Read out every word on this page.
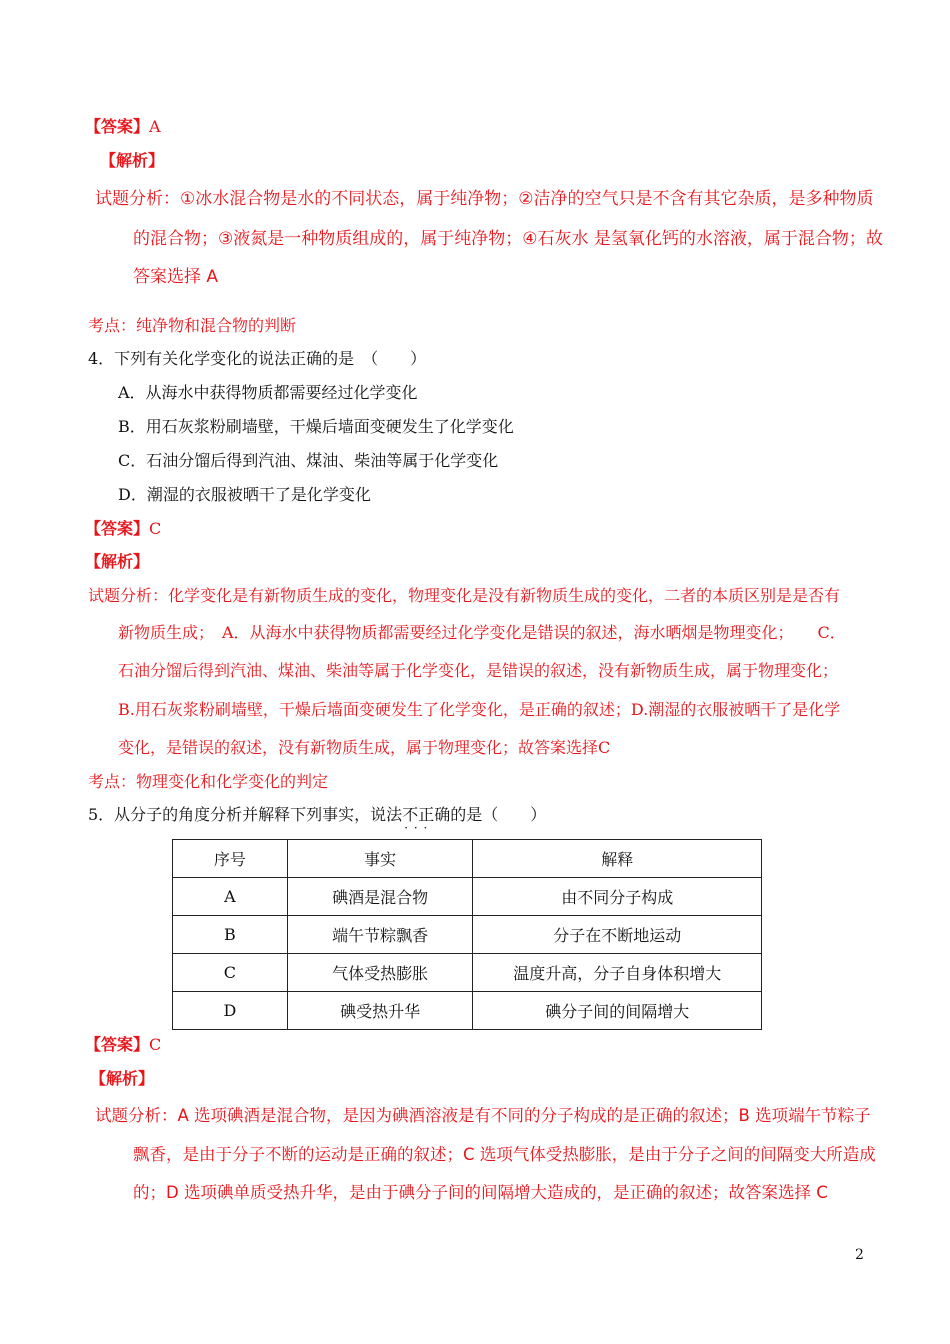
【答案】A
【解析】
试题分析：①冰水混合物是水的不同状态，属于纯净物；②洁净的空气只是不含有其它杂质，是多种物质
的混合物；③液氮是一种物质组成的，属于纯净物；④石灰水 是氢氧化钙的水溶液，属于混合物；故
答案选择 A
考点：纯净物和混合物的判断
4．下列有关化学变化的说法正确的是　（　　）
A．从海水中获得物质都需要经过化学变化
B．用石灰浆粉刷墙壁，干燥后墙面变硬发生了化学变化
C．石油分馏后得到汽油、煤油、柴油等属于化学变化
D．潮湿的衣服被晒干了是化学变化
【答案】C
【解析】
试题分析：化学变化是有新物质生成的变化，物理变化是没有新物质生成的变化，二者的本质区别是是否有
新物质生成；　A．从海水中获得物质都需要经过化学变化是错误的叙述，海水晒烟是物理变化；　　C．
石油分馏后得到汽油、煤油、柴油等属于化学变化，是错误的叙述，没有新物质生成，属于物理变化；
B.用石灰浆粉刷墙壁，干燥后墙面变硬发生了化学变化，是正确的叙述；D.潮湿的衣服被晒干了是化学
变化，是错误的叙述，没有新物质生成，属于物理变化；故答案选择C
考点：物理变化和化学变化的判定
5．从分子的角度分析并解释下列事实，说法不正确 · · ·的是（　　）
序号	事实	解释
A	碘酒是混合物	由不同分子构成
B	端午节粽飘香	分子在不断地运动
C	气体受热膨胀	温度升高，分子自身体积增大
D	碘受热升华	碘分子间的间隔增大
【答案】C
【解析】
试题分析：A 选项碘酒是混合物，是因为碘酒溶液是有不同的分子构成的是正确的叙述；B 选项端午节粽子
飘香，是由于分子不断的运动是正确的叙述；C 选项气体受热膨胀，是由于分子之间的间隔变大所造成
的；D 选项碘单质受热升华，是由于碘分子间的间隔增大造成的，是正确的叙述；故答案选择 C
2
